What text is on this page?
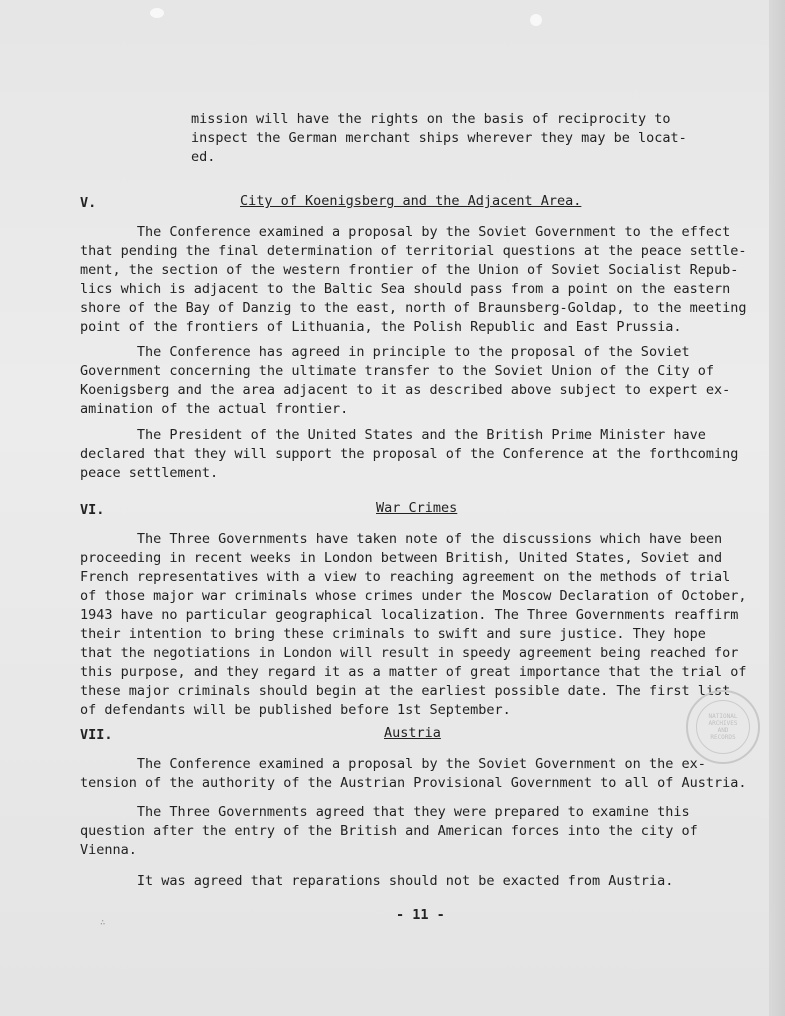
mission will have the rights on the basis of reciprocity to
inspect the German merchant ships wherever they may be locat-
ed.
V.	City of Koenigsberg and the Adjacent Area.
The Conference examined a proposal by the Soviet Government to the effect
that pending the final determination of territorial questions at the peace settle-
ment, the section of the western frontier of the Union of Soviet Socialist Repub-
lics which is adjacent to the Baltic Sea should pass from a point on the eastern
shore of the Bay of Danzig to the east, north of Braunsberg-Goldap, to the meeting
point of the frontiers of Lithuania, the Polish Republic and East Prussia.
The Conference has agreed in principle to the proposal of the Soviet
Government concerning the ultimate transfer to the Soviet Union of the City of
Koenigsberg and the area adjacent to it as described above subject to expert ex-
amination of the actual frontier.
The President of the United States and the British Prime Minister have
declared that they will support the proposal of the Conference at the forthcoming
peace settlement.
VI.	War Crimes
The Three Governments have taken note of the discussions which have been
proceeding in recent weeks in London between British, United States, Soviet and
French representatives with a view to reaching agreement on the methods of trial
of those major war criminals whose crimes under the Moscow Declaration of October,
1943 have no particular geographical localization. The Three Governments reaffirm
their intention to bring these criminals to swift and sure justice. They hope
that the negotiations in London will result in speedy agreement being reached for
this purpose, and they regard it as a matter of great importance that the trial of
these major criminals should begin at the earliest possible date. The first list
of defendants will be published before 1st September.	NATIONAL
ARCHIVES
AND
RECORDS
VII.	Austria
The Conference examined a proposal by the Soviet Government on the ex-
tension of the authority of the Austrian Provisional Government to all of Austria.
The Three Governments agreed that they were prepared to examine this
question after the entry of the British and American forces into the city of
Vienna.
It was agreed that reparations should not be exacted from Austria.
- 11 -
∴
